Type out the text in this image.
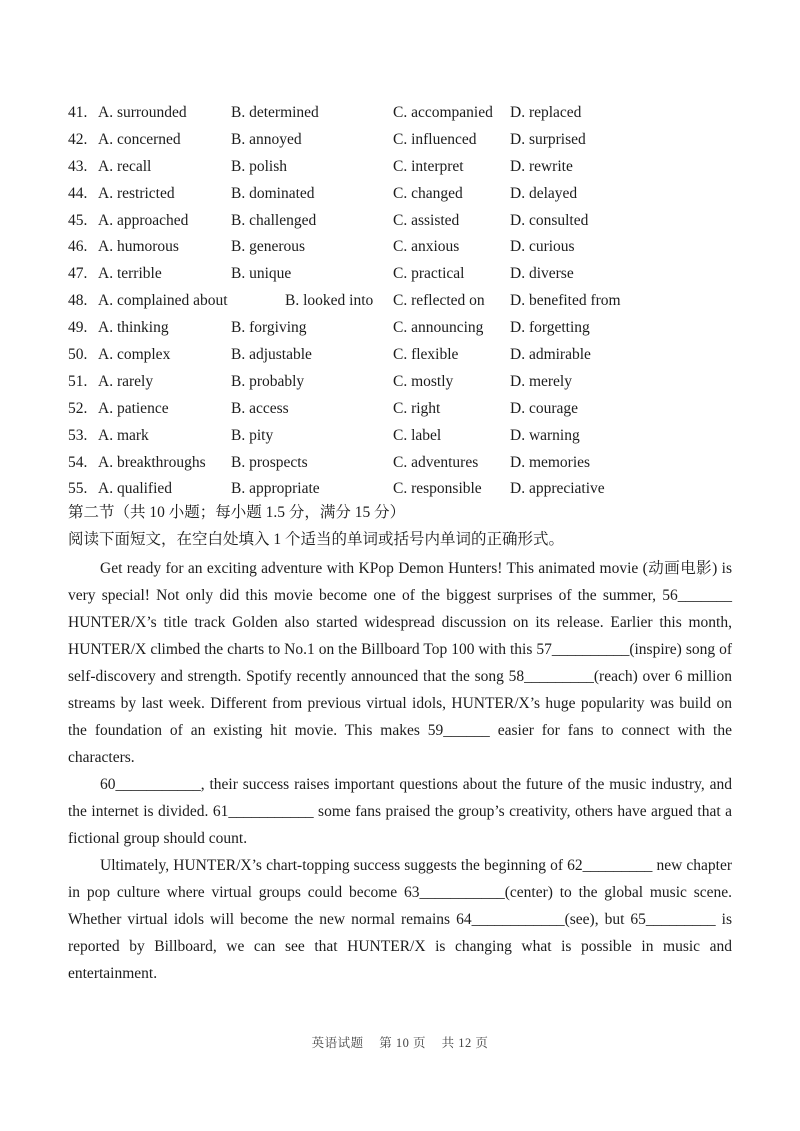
41. A. surrounded	B. determined	C. accompanied D. replaced
42. A. concerned	B. annoyed	C. influenced D. surprised
43. A. recall	B. polish	C. interpret	D. rewrite
44. A. restricted	B. dominated	C. changed	D. delayed
45. A. approached	B. challenged	C. assisted	D. consulted
46. A. humorous	B. generous	C. anxious	D. curious
47. A. terrible	B. unique	C. practical	D. diverse
48. A. complained about	B. looked into C. reflected on D. benefited from
49. A. thinking	B. forgiving	C. announcing D. forgetting
50. A. complex	B. adjustable	C. flexible	D. admirable
51. A. rarely	B. probably	C. mostly	D. merely
52. A. patience	B. access	C. right	D. courage
53. A. mark	B. pity	C. label	D. warning
54. A. breakthroughs B. prospects	C. adventures D. memories
55. A. qualified	B. appropriate	C. responsible D. appreciative
第二节（共 10 小题；每小题 1.5 分，满分 15 分）
阅读下面短文，在空白处填入 1 个适当的单词或括号内单词的正确形式。

Get ready for an exciting adventure with KPop Demon Hunters! This animated movie (动画电影) is very special! Not only did this movie become one of the biggest surprises of the summer, 56_______ HUNTER/X’s title track Golden also started widespread discussion on its release. Earlier this month, HUNTER/X climbed the charts to No.1 on the Billboard Top 100 with this 57__________(inspire) song of self-discovery and strength. Spotify recently announced that the song 58_________(reach) over 6 million streams by last week. Different from previous virtual idols, HUNTER/X’s huge popularity was build on the foundation of an existing hit movie. This makes 59______ easier for fans to connect with the characters.

60___________, their success raises important questions about the future of the music industry, and the internet is divided. 61___________ some fans praised the group’s creativity, others have argued that a fictional group should count.

Ultimately, HUNTER/X’s chart-topping success suggests the beginning of 62_________ new chapter in pop culture where virtual groups could become 63___________(center) to the global music scene. Whether virtual idols will become the new normal remains 64____________(see), but 65_________ is reported by Billboard, we can see that HUNTER/X is changing what is possible in music and entertainment.

英语试题 第 10 页 共 12 页
